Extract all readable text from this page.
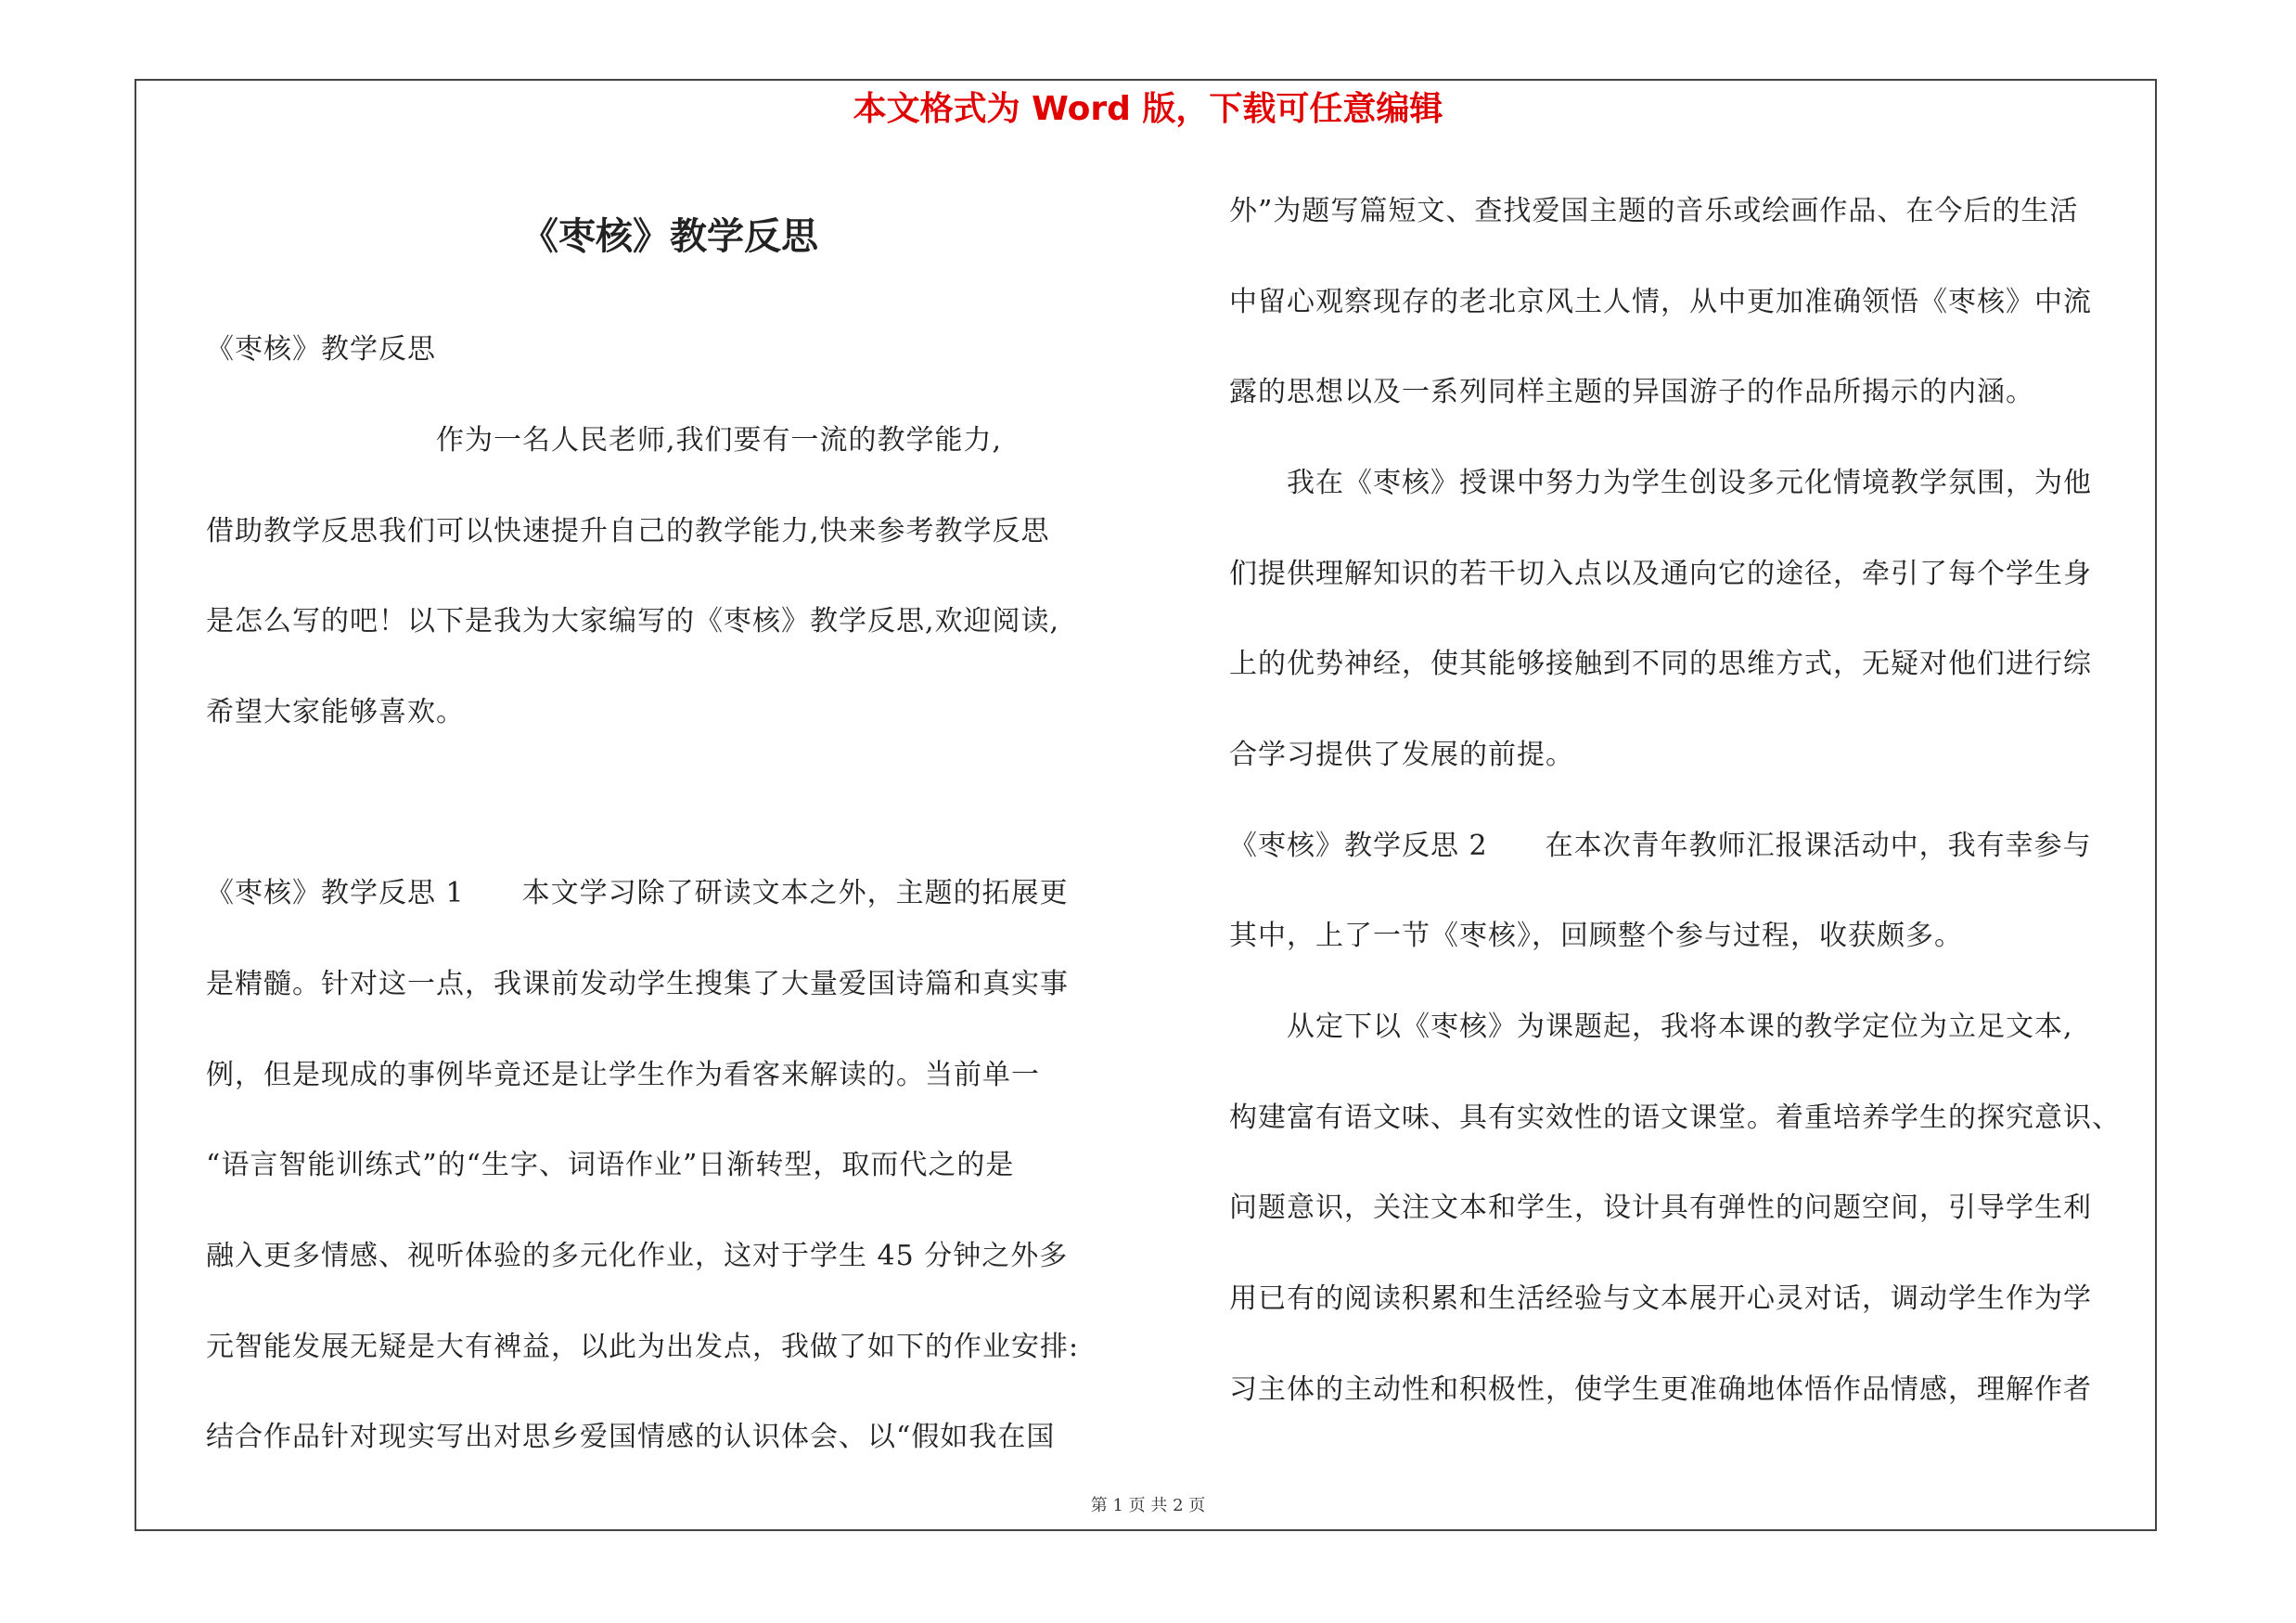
本文格式为 Word 版，下载可任意编辑
《枣核》教学反思
《枣核》教学反思
　　　　　　　　作为一名人民老师,我们要有一流的教学能力,
借助教学反思我们可以快速提升自己的教学能力,快来参考教学反思
是怎么写的吧！以下是我为大家编写的《枣核》教学反思,欢迎阅读,
希望大家能够喜欢。
《枣核》教学反思 1　　本文学习除了研读文本之外，主题的拓展更
是精髓。针对这一点，我课前发动学生搜集了大量爱国诗篇和真实事
例，但是现成的事例毕竟还是让学生作为看客来解读的。当前单一
“语言智能训练式”的“生字、词语作业”日渐转型，取而代之的是
融入更多情感、视听体验的多元化作业，这对于学生 45 分钟之外多
元智能发展无疑是大有裨益，以此为出发点，我做了如下的作业安排:
结合作品针对现实写出对思乡爱国情感的认识体会、以“假如我在国
外”为题写篇短文、查找爱国主题的音乐或绘画作品、在今后的生活
中留心观察现存的老北京风土人情，从中更加准确领悟《枣核》中流
露的思想以及一系列同样主题的异国游子的作品所揭示的内涵。
　　我在《枣核》授课中努力为学生创设多元化情境教学氛围，为他
们提供理解知识的若干切入点以及通向它的途径，牵引了每个学生身
上的优势神经，使其能够接触到不同的思维方式，无疑对他们进行综
合学习提供了发展的前提。
《枣核》教学反思 2　　在本次青年教师汇报课活动中，我有幸参与
其中，上了一节《枣核》，回顾整个参与过程，收获颇多。
　　从定下以《枣核》为课题起，我将本课的教学定位为立足文本,
构建富有语文味、具有实效性的语文课堂。着重培养学生的探究意识、
问题意识，关注文本和学生，设计具有弹性的问题空间，引导学生利
用已有的阅读积累和生活经验与文本展开心灵对话，调动学生作为学
习主体的主动性和积极性，使学生更准确地体悟作品情感，理解作者
第 1 页 共 2 页
